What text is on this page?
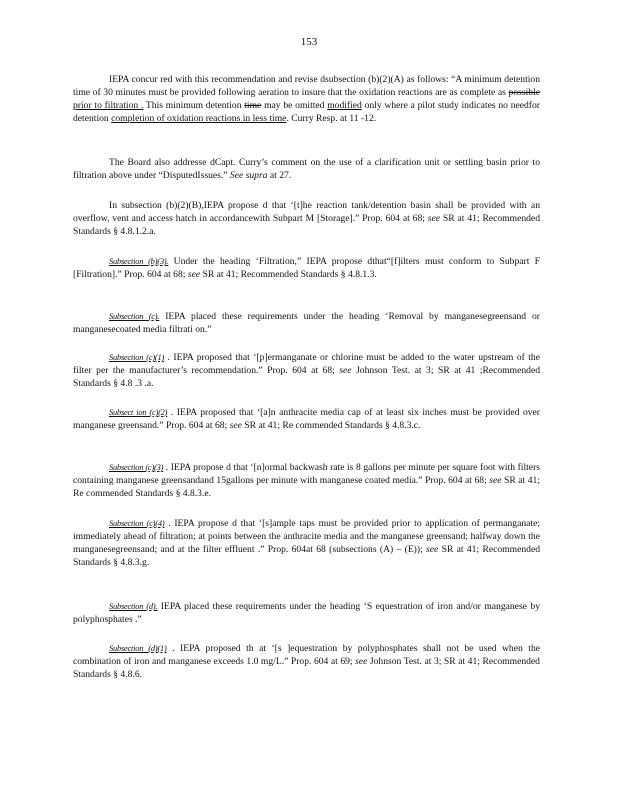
153

IEPA concur red with this recommendation and revise dsubsection (b)(2)(A) as follows: “A minimum detention time of 30 minutes must be provided following aeration to insure that the oxidation reactions are as complete as possible prior to filtration . This minimum detention time may be omitted modified only where a pilot study indicates no needfor detention completion of oxidation reactions in less time. Curry Resp. at 11 -12.

The Board also addresse dCapt. Curry’s comment on the use of a clarification unit or settling basin prior to filtration above under “DisputedIssues.” See supra at 27.

In subsection (b)(2)(B),IEPA propose d that ‘[t]he reaction tank/detention basin shall be provided with an overflow, vent and access hatch in accordancewith Subpart M [Storage].” Prop. 604 at 68; see SR at 41; Recommended Standards § 4.8.1.2.a.

Subsection (b)(3). Under the heading ‘Filtration,” IEPA propose dthat“[f]ilters must conform to Subpart F [Filtration].” Prop. 604 at 68; see SR at 41; Recommended Standards § 4.8.1.3.

Subsection (c). IEPA placed these requirements under the heading ‘Removal by manganesegreensand or manganesecoated media filtrati on.”

Subsection (c)(1) . IEPA proposed that ‘[p]ermanganate or chlorine must be added to the water upstream of the filter per the manufacturer’s recommendation.” Prop. 604 at 68; see Johnson Test. at 3; SR at 41 ;Recommended Standards § 4.8 .3 .a.

Subsect ion (c)(2) . IEPA proposed that ‘[a]n anthracite media cap of at least six inches must be provided over manganese greensand.” Prop. 604 at 68; see SR at 41; Re commended Standards § 4.8.3.c.

Subsection (c)(3) . IEPA propose d that ‘[n]ormal backwash rate is 8 gallons per minute per square foot with filters containing manganese greensandand 15gallons per minute with manganese coated media.” Prop. 604 at 68; see SR at 41; Re commended Standards § 4.8.3.e.

Subsection (c)(4) . IEPA propose d that ‘[s]ample taps must be provided prior to application of permanganate; immediately ahead of filtration; at points between the anthracite media and the manganese greensand; halfway down the manganesegreensand; and at the filter effluent .” Prop. 604at 68 (subsections (A) – (E)); see SR at 41; Recommended Standards § 4.8.3.g.

Subsection (d). IEPA placed these requirements under the heading ‘S equestration of iron and/or manganese by polyphosphates .”

Subsection (d)(1) . IEPA proposed th at ‘[s ]equestration by polyphosphates shall not be used when the combination of iron and manganese exceeds 1.0 mg/L.” Prop. 604 at 69; see Johnson Test. at 3; SR at 41; Recommended Standards § 4.8.6.
